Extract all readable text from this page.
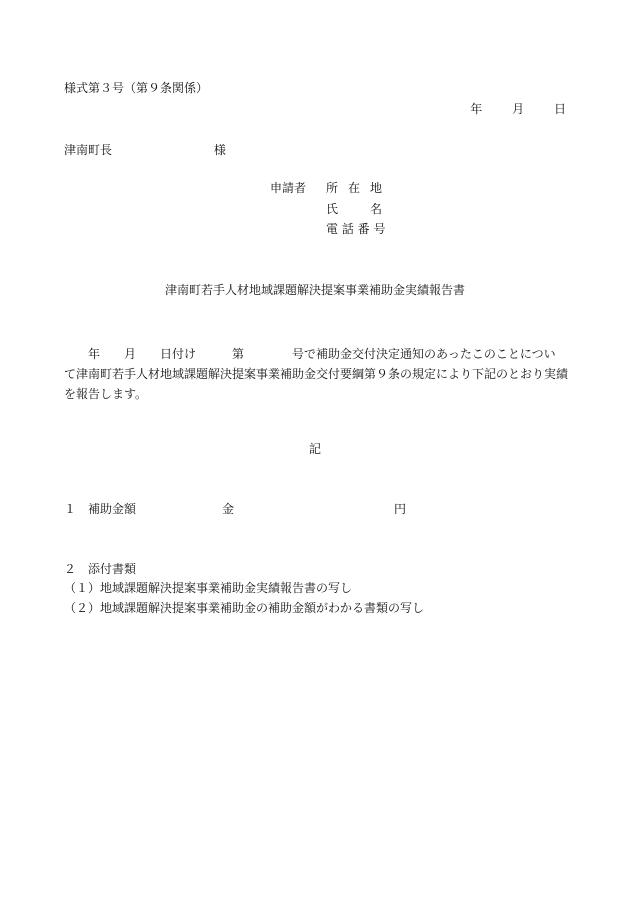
様式第３号（第９条関係）
年 月 日
津南町長	様
申請者 所 在 地
氏　　名
電 話 番 号
津南町若手人材地域課題解決提案事業補助金実績報告書
　　年　　月　　日付け　　　第　　　　号で補助金交付決定通知のあったこのことについ
て津南町若手人材地域課題解決提案事業補助金交付要綱第９条の規定により下記のとおり実績
を報告します。
記
１ 補助金額	金	円
２ 添付書類
（１）地域課題解決提案事業補助金実績報告書の写し
（２）地域課題解決提案事業補助金の補助金額がわかる書類の写し
